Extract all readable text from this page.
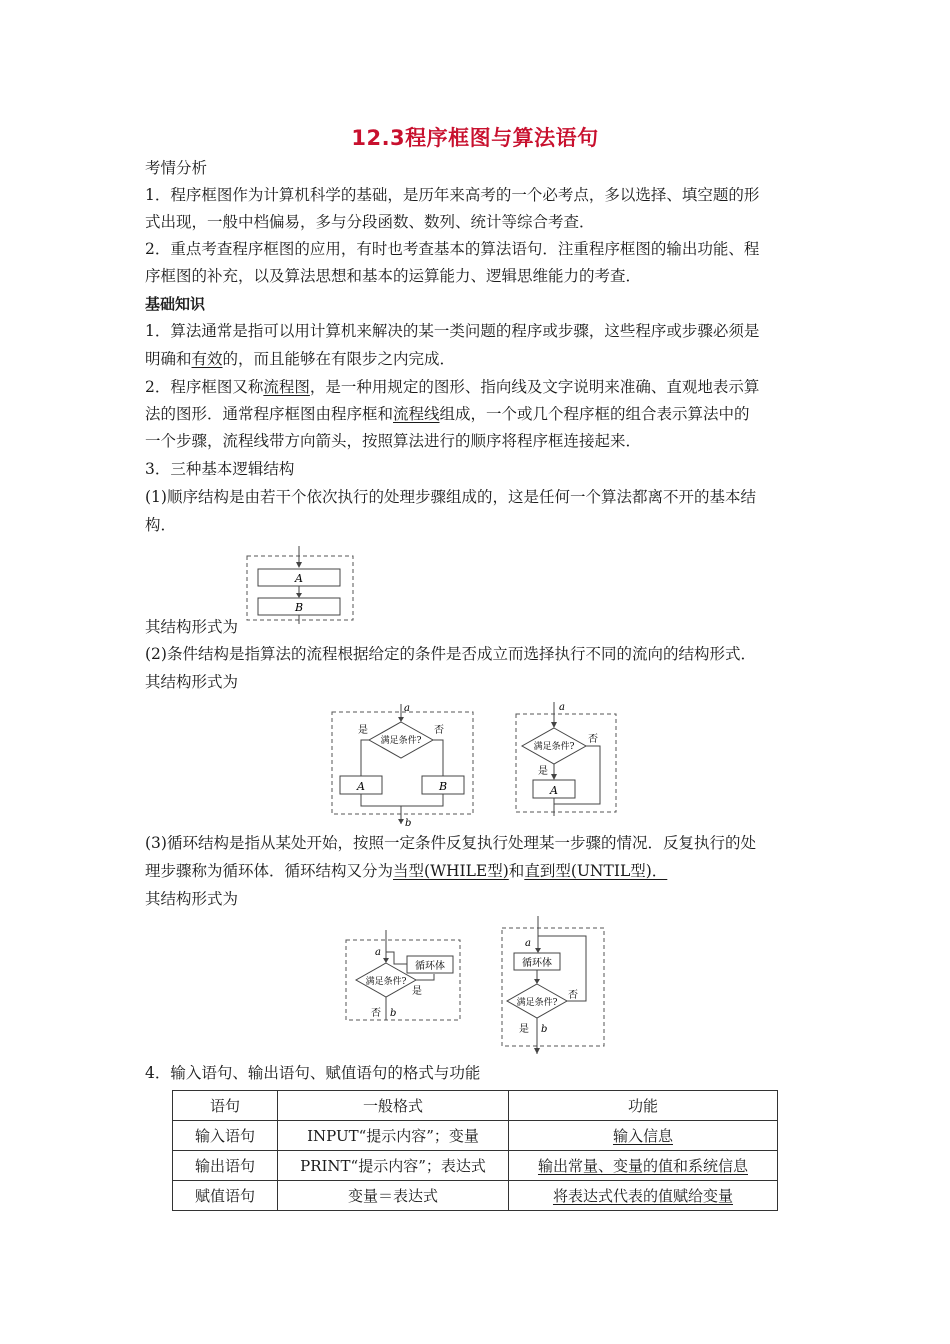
12.3程序框图与算法语句
考情分析
1．程序框图作为计算机科学的基础，是历年来高考的一个必考点，多以选择、填空题的形
式出现，一般中档偏易，多与分段函数、数列、统计等综合考查．
2．重点考查程序框图的应用，有时也考查基本的算法语句．注重程序框图的输出功能、程
序框图的补充，以及算法思想和基本的运算能力、逻辑思维能力的考查．
基础知识
1．算法通常是指可以用计算机来解决的某一类问题的程序或步骤，这些程序或步骤必须是
明确和有效的，而且能够在有限步之内完成．
2．程序框图又称流程图，是一种用规定的图形、指向线及文字说明来准确、直观地表示算
法的图形．通常程序框图由程序框和流程线组成，一个或几个程序框的组合表示算法中的
一个步骤，流程线带方向箭头，按照算法进行的顺序将程序框连接起来．
3．三种基本逻辑结构
(1)顺序结构是由若干个依次执行的处理步骤组成的，这是任何一个算法都离不开的基本结
构．
A
B
其结构形式为
(2)条件结构是指算法的流程根据给定的条件是否成立而选择执行不同的流向的结构形式．
其结构形式为
a
满足条件?
是	否
A	B
b
a
满足条件?
否
是
A
(3)循环结构是指从某处开始，按照一定条件反复执行处理某一步骤的情况．反复执行的处
理步骤称为循环体．循环结构又分为当型(WHILE型)和直到型(UNTIL型)．
其结构形式为
a
满足条件?
循环体
是
否 b
a
循环体
满足条件?
否
是 b
4．输入语句、输出语句、赋值语句的格式与功能
语句	一般格式	功能
输入语句	INPUT“提示内容”；变量	输入信息
输出语句	PRINT“提示内容”；表达式	输出常量、变量的值和系统信息
赋值语句	变量＝表达式	将表达式代表的值赋给变量
